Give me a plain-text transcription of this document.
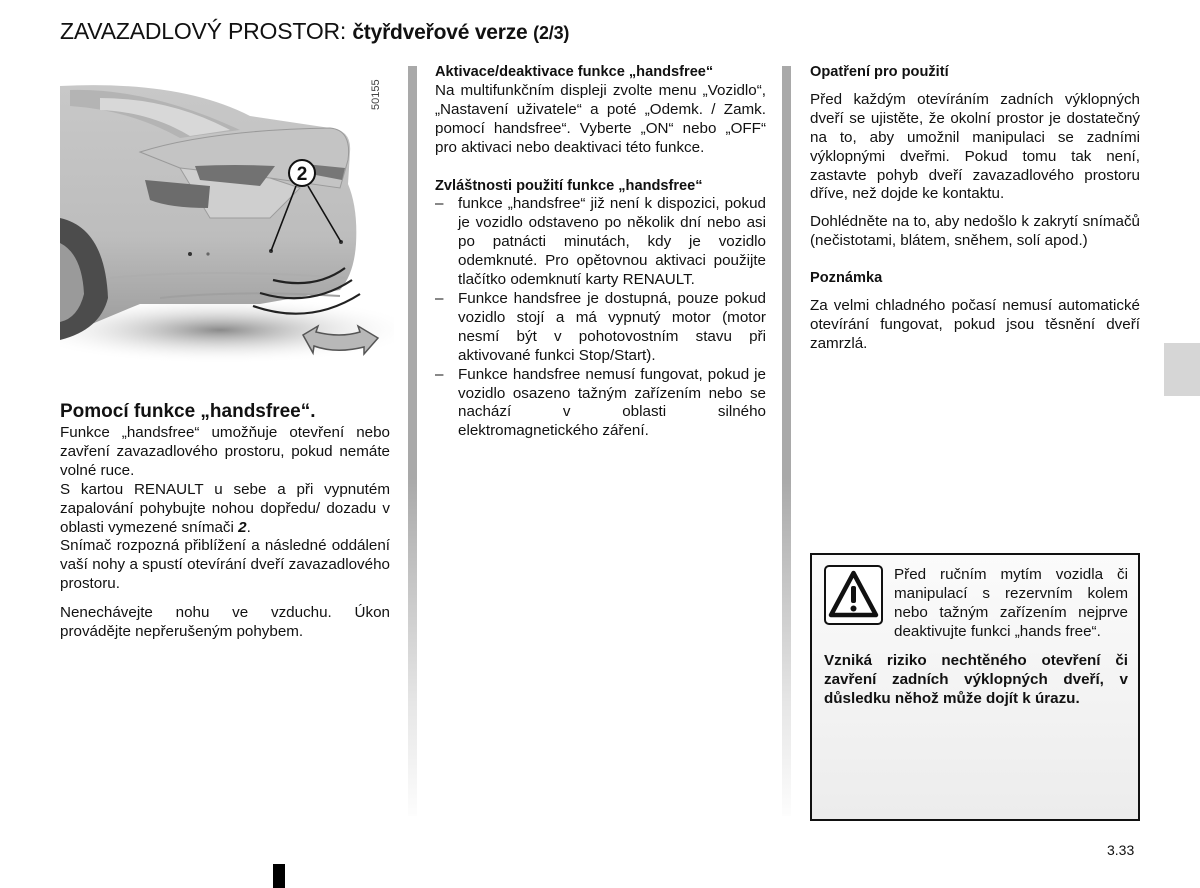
ZAVAZADLOVÝ PROSTOR: čtyřdveřové verze (2/3)
2
50155
Pomocí funkce „handsfree“.

Funkce „handsfree“ umožňuje otevření nebo zavření zavazadlového prostoru, pokud nemáte volné ruce.

S kartou RENAULT u sebe a při vypnutém zapalování pohybujte nohou dopředu/ dozadu v oblasti vymezené snímači 2.

Snímač rozpozná přiblížení a následné oddálení vaší nohy a spustí otevírání dveří zavazadlového prostoru.

Nenechávejte nohu ve vzduchu. Úkon provádějte nepřerušeným pohybem.

Aktivace/deaktivace funkce „handsfree“

Na multifunkčním displeji zvolte menu „Vozidlo“, „Nastavení uživatele“ a poté „Odemk. / Zamk. pomocí handsfree“. Vyberte „ON“ nebo „OFF“ pro aktivaci nebo deaktivaci této funkce.

Zvláštnosti použití funkce „handsfree“
– funkce „handsfree“ již není k dispozici, pokud je vozidlo odstaveno po několik dní nebo asi po patnácti minutách, kdy je vozidlo odemknuté. Pro opětovnou aktivaci použijte tlačítko odemknutí karty RENAULT.
– Funkce handsfree je dostupná, pouze pokud vozidlo stojí a má vypnutý motor (motor nesmí být v pohotovostním stavu při aktivované funkci Stop/Start).
– Funkce handsfree nemusí fungovat, pokud je vozidlo osazeno tažným zařízením nebo se nachází v oblasti silného elektromagnetického záření.
Opatření pro použití

Před každým otevíráním zadních výklopných dveří se ujistěte, že okolní prostor je dostatečný na to, aby umožnil manipulaci se zadními výklopnými dveřmi. Pokud tomu tak není, zastavte pohyb dveří zavazadlového prostoru dříve, než dojde ke kontaktu.

Dohlédněte na to, aby nedošlo k zakrytí snímačů (nečistotami, blátem, sněhem, solí apod.)

Poznámka

Za velmi chladného počasí nemusí automatické otevírání fungovat, pokud jsou těsnění dveří zamrzlá.

Před ručním mytím vozidla či manipulací s rezervním kolem nebo tažným zařízením nejprve deaktivujte funkci „hands free“.

Vzniká riziko nechtěného otevření či zavření zadních výklopných dveří, v důsledku něhož může dojít k úrazu.

3.33
